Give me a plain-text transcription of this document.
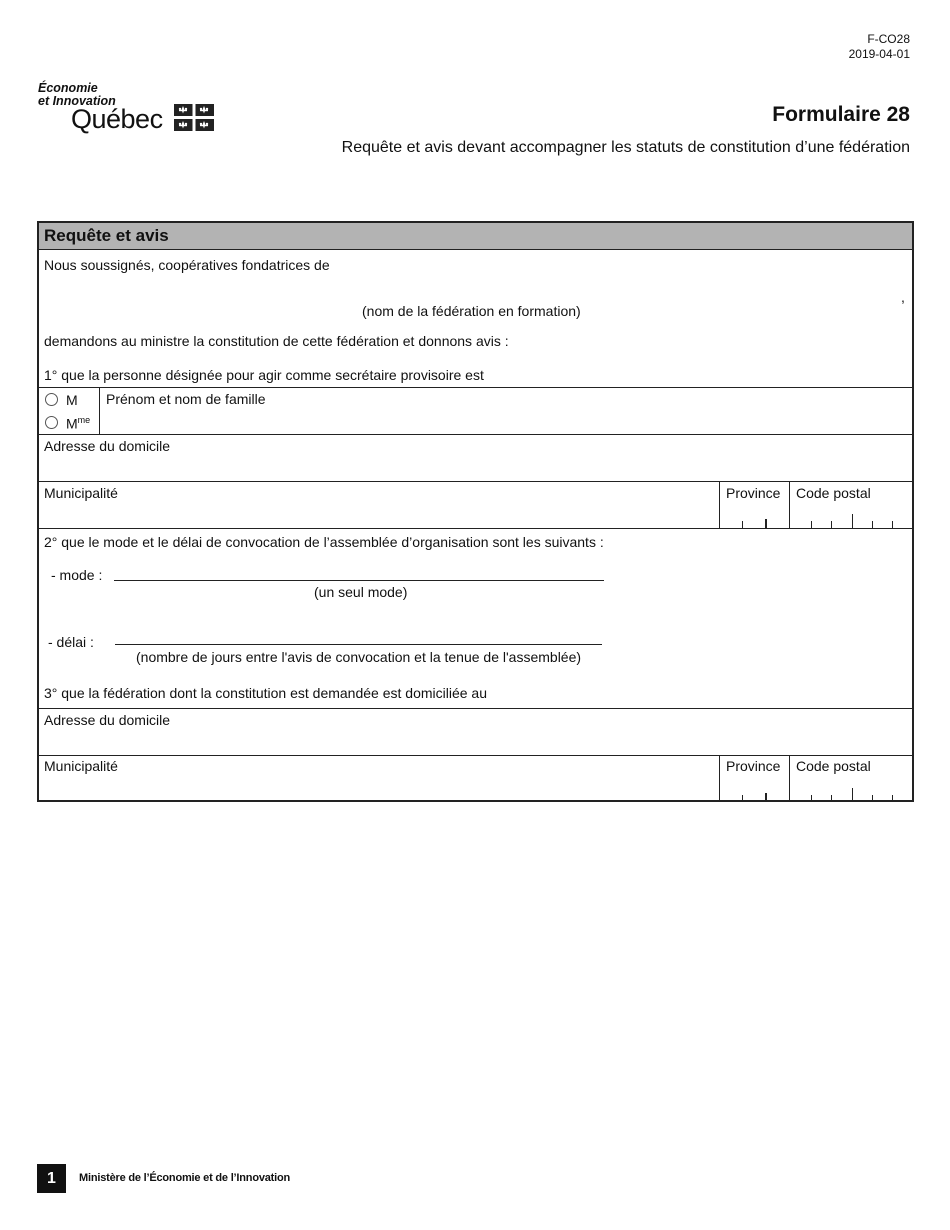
F-CO28
2019-04-01
Économie
et Innovation
Québec	Formulaire 28
Requête et avis devant accompagner les statuts de constitution d’une fédération
Requête et avis
Nous soussignés, coopératives fondatrices de
,
(nom de la fédération en formation)
demandons au ministre la constitution de cette fédération et donnons avis :
1° que la personne désignée pour agir comme secrétaire provisoire est
M
$M^{me}$
Prénom et nom de famille
Adresse du domicile
Municipalité	Province Code postal
2° que le mode et le délai de convocation de l’assemblée d’organisation sont les suivants :
- mode :
(un seul mode)
- délai :
(nombre de jours entre l'avis de convocation et la tenue de l'assemblée)
3° que la fédération dont la constitution est demandée est domiciliée au
Adresse du domicile
Municipalité	Province Code postal
1	Ministère de l’Économie et de l’Innovation
